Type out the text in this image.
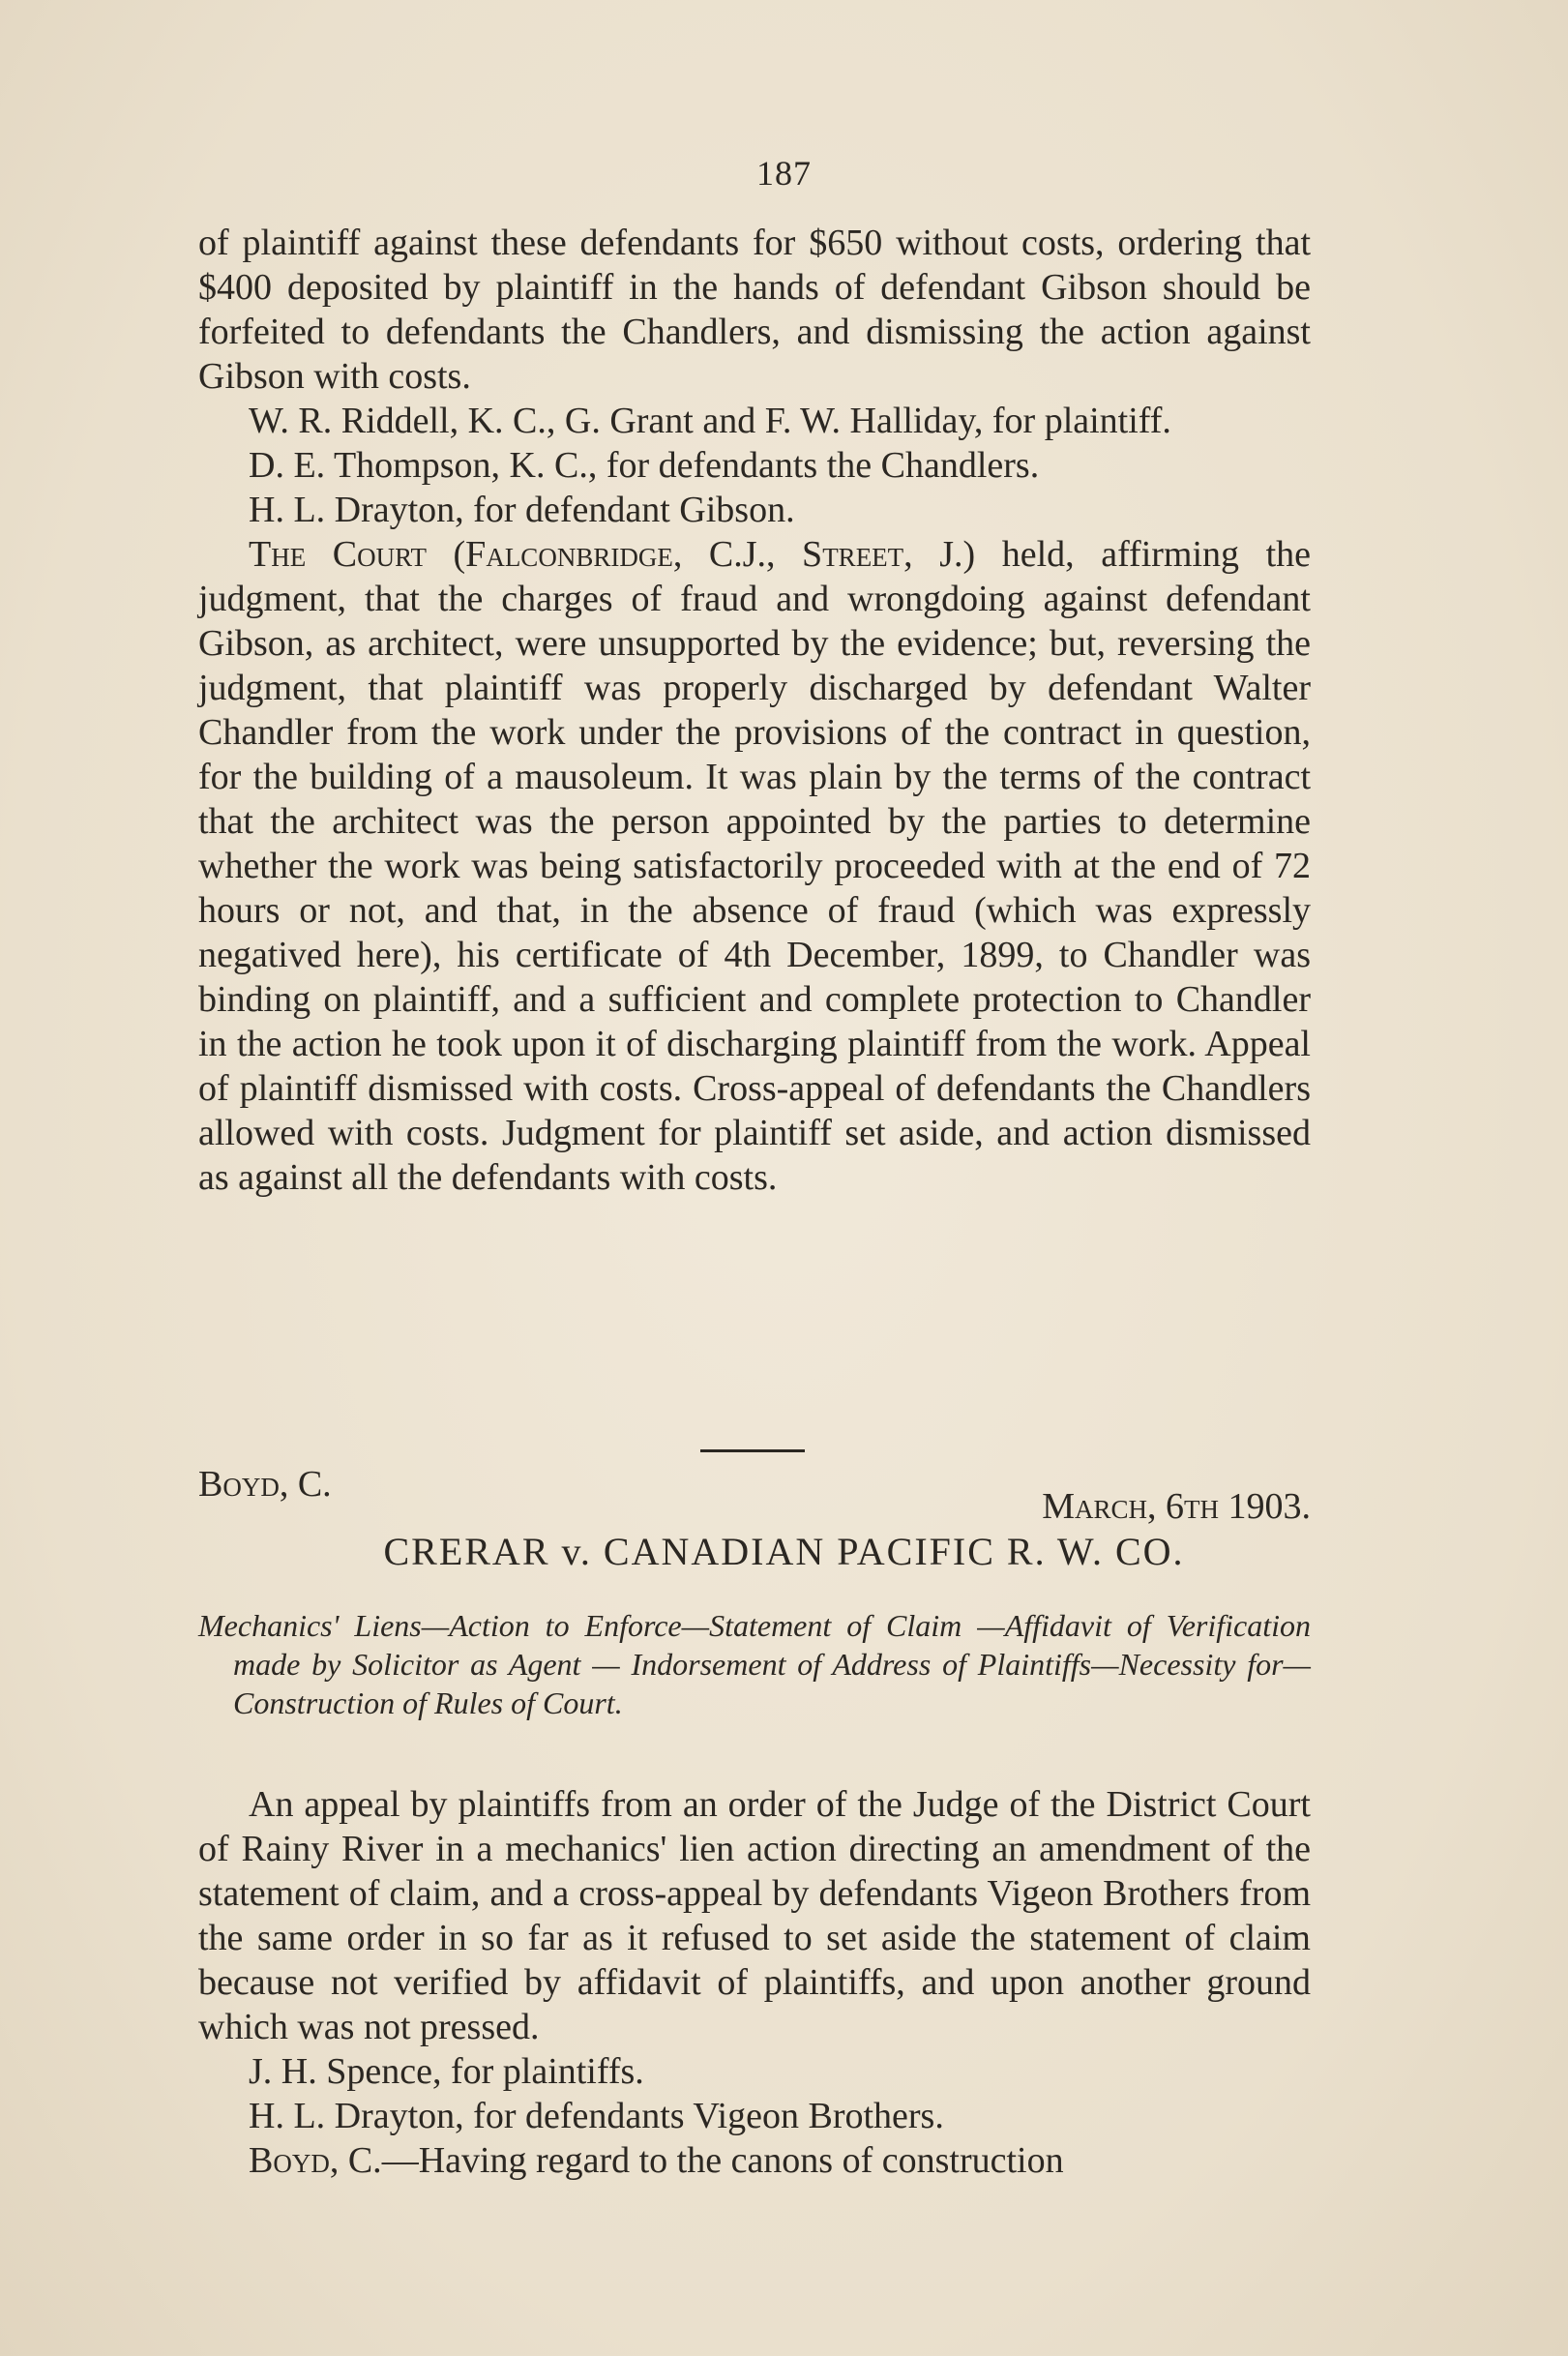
187

of plaintiff against these defendants for $650 without costs, ordering that $400 deposited by plaintiff in the hands of defendant Gibson should be forfeited to defendants the Chandlers, and dismissing the action against Gibson with costs.

W. R. Riddell, K. C., G. Grant and F. W. Halliday, for plaintiff.

D. E. Thompson, K. C., for defendants the Chandlers.

H. L. Drayton, for defendant Gibson.

The Court (Falconbridge, C.J., Street, J.) held, affirming the judgment, that the charges of fraud and wrongdoing against defendant Gibson, as architect, were unsupported by the evidence; but, reversing the judgment, that plaintiff was properly discharged by defendant Walter Chandler from the work under the provisions of the contract in question, for the building of a mausoleum. It was plain by the terms of the contract that the architect was the person appointed by the parties to determine whether the work was being satisfactorily proceeded with at the end of 72 hours or not, and that, in the absence of fraud (which was expressly negatived here), his certificate of 4th December, 1899, to Chandler was binding on plaintiff, and a sufficient and complete protection to Chandler in the action he took upon it of discharging plaintiff from the work. Appeal of plaintiff dismissed with costs. Cross-appeal of defendants the Chandlers allowed with costs. Judgment for plaintiff set aside, and action dismissed as against all the defendants with costs.

Boyd, C.
March, 6th 1903.
CRERAR v. CANADIAN PACIFIC R. W. CO.
Mechanics' Liens—Action to Enforce—Statement of Claim —Affidavit of Verification made by Solicitor as Agent — Indorsement of Address of Plaintiffs—Necessity for—Construction of Rules of Court.

An appeal by plaintiffs from an order of the Judge of the District Court of Rainy River in a mechanics' lien action directing an amendment of the statement of claim, and a cross-appeal by defendants Vigeon Brothers from the same order in so far as it refused to set aside the statement of claim because not verified by affidavit of plaintiffs, and upon another ground which was not pressed.

J. H. Spence, for plaintiffs.

H. L. Drayton, for defendants Vigeon Brothers.

Boyd, C.—Having regard to the canons of construction
